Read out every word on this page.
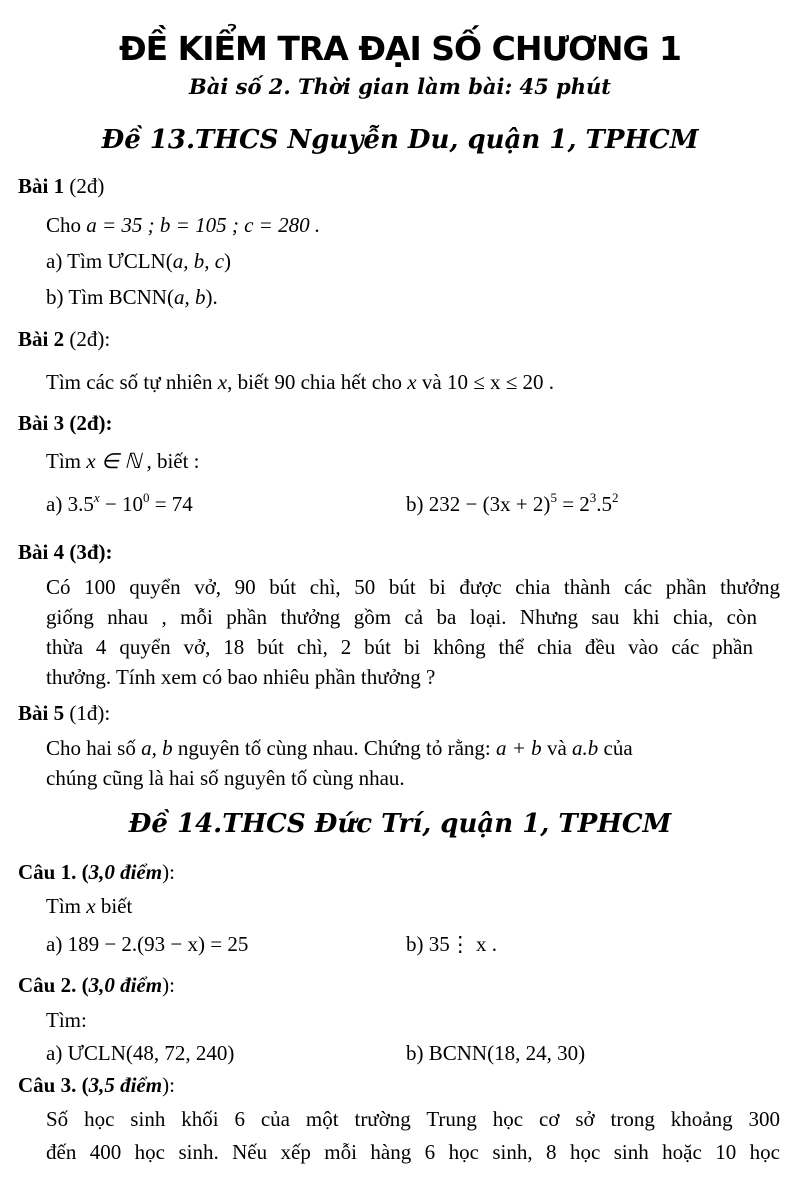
ĐỀ KIỂM TRA ĐẠI SỐ CHƯƠNG 1
Bài số 2. Thời gian làm bài: 45 phút
Đề 13.THCS Nguyễn Du, quận 1, TPHCM
Bài 1 (2đ)
Cho a = 35 ; b = 105 ; c = 280 .
a) Tìm ƯCLN(a, b, c)
b) Tìm BCNN(a, b).
Bài 2 (2đ):
Tìm các số tự nhiên x, biết 90 chia hết cho x và 10 ≤ x ≤ 20 .
Bài 3 (2đ):
Tìm x ∈ ℕ , biết :
a) $3.5^x - 10^0 = 74$	b) $232 - (3x + 2)^5 = 2^3.5^2$
Bài 4 (3đ):
Có 100 quyển vở, 90 bút chì, 50 bút bi được chia thành các phần thưởng
giống nhau , mỗi phần thưởng gồm cả ba loại. Nhưng sau khi chia, còn
thừa 4 quyển vở, 18 bút chì, 2 bút bi không thể chia đều vào các phần
thưởng. Tính xem có bao nhiêu phần thưởng ?
Bài 5 (1đ):
Cho hai số a, b nguyên tố cùng nhau. Chứng tỏ rằng: a + b và a.b của
chúng cũng là hai số nguyên tố cùng nhau.
Đề 14.THCS Đức Trí, quận 1, TPHCM
Câu 1. (3,0 điểm):
Tìm x biết
a) 189 − 2.(93 − x) = 25	b) 35⋮ x .
Câu 2. (3,0 điểm):
Tìm:
a) ƯCLN(48, 72, 240)	b) BCNN(18, 24, 30)
Câu 3. (3,5 điểm):
Số học sinh khối 6 của một trường Trung học cơ sở trong khoảng 300
đến 400 học sinh. Nếu xếp mỗi hàng 6 học sinh, 8 học sinh hoặc 10 học
